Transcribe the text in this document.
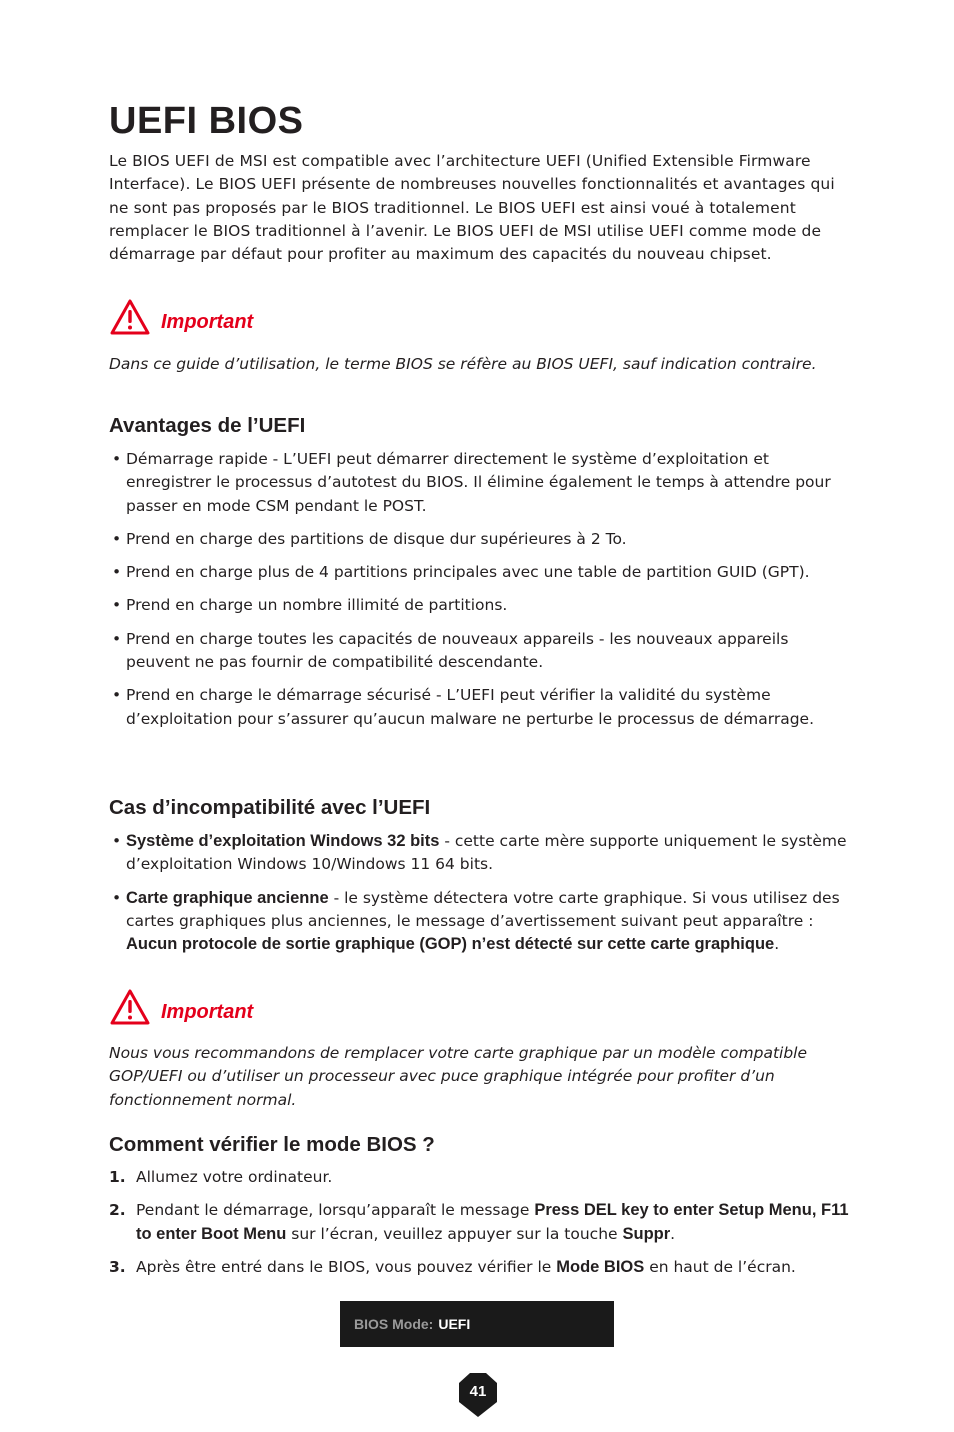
UEFI BIOS

Le BIOS UEFI de MSI est compatible avec l’architecture UEFI (Unified Extensible Firmware Interface). Le BIOS UEFI présente de nombreuses nouvelles fonctionnalités et avantages qui ne sont pas proposés par le BIOS traditionnel. Le BIOS UEFI est ainsi voué à totalement remplacer le BIOS traditionnel à l’avenir. Le BIOS UEFI de MSI utilise UEFI comme mode de démarrage par défaut pour profiter au maximum des capacités du nouveau chipset.

Important

Dans ce guide d’utilisation, le terme BIOS se réfère au BIOS UEFI, sauf indication contraire.

Avantages de l’UEFI
• Démarrage rapide - L’UEFI peut démarrer directement le système d’exploitation et enregistrer le processus d’autotest du BIOS. Il élimine également le temps à attendre pour passer en mode CSM pendant le POST.
• Prend en charge des partitions de disque dur supérieures à 2 To.
• Prend en charge plus de 4 partitions principales avec une table de partition GUID (GPT).
• Prend en charge un nombre illimité de partitions.
• Prend en charge toutes les capacités de nouveaux appareils - les nouveaux appareils peuvent ne pas fournir de compatibilité descendante.
• Prend en charge le démarrage sécurisé - L’UEFI peut vérifier la validité du système d’exploitation pour s’assurer qu’aucun malware ne perturbe le processus de démarrage.
Cas d’incompatibilité avec l’UEFI
• Système d’exploitation Windows 32 bits - cette carte mère supporte uniquement le système d’exploitation Windows 10/Windows 11 64 bits.
• Carte graphique ancienne - le système détectera votre carte graphique. Si vous utilisez des cartes graphiques plus anciennes, le message d’avertissement suivant peut apparaître : Aucun protocole de sortie graphique (GOP) n’est détecté sur cette carte graphique.
Important

Nous vous recommandons de remplacer votre carte graphique par un modèle compatible GOP/UEFI ou d’utiliser un processeur avec puce graphique intégrée pour profiter d’un fonctionnement normal.

Comment vérifier le mode BIOS ?
1. Allumez votre ordinateur.
2. Pendant le démarrage, lorsqu’apparaît le message Press DEL key to enter Setup Menu, F11 to enter Boot Menu sur l’écran, veuillez appuyer sur la touche Suppr.
3. Après être entré dans le BIOS, vous pouvez vérifier le Mode BIOS en haut de l’écran.
BIOS Mode: UEFI
41
